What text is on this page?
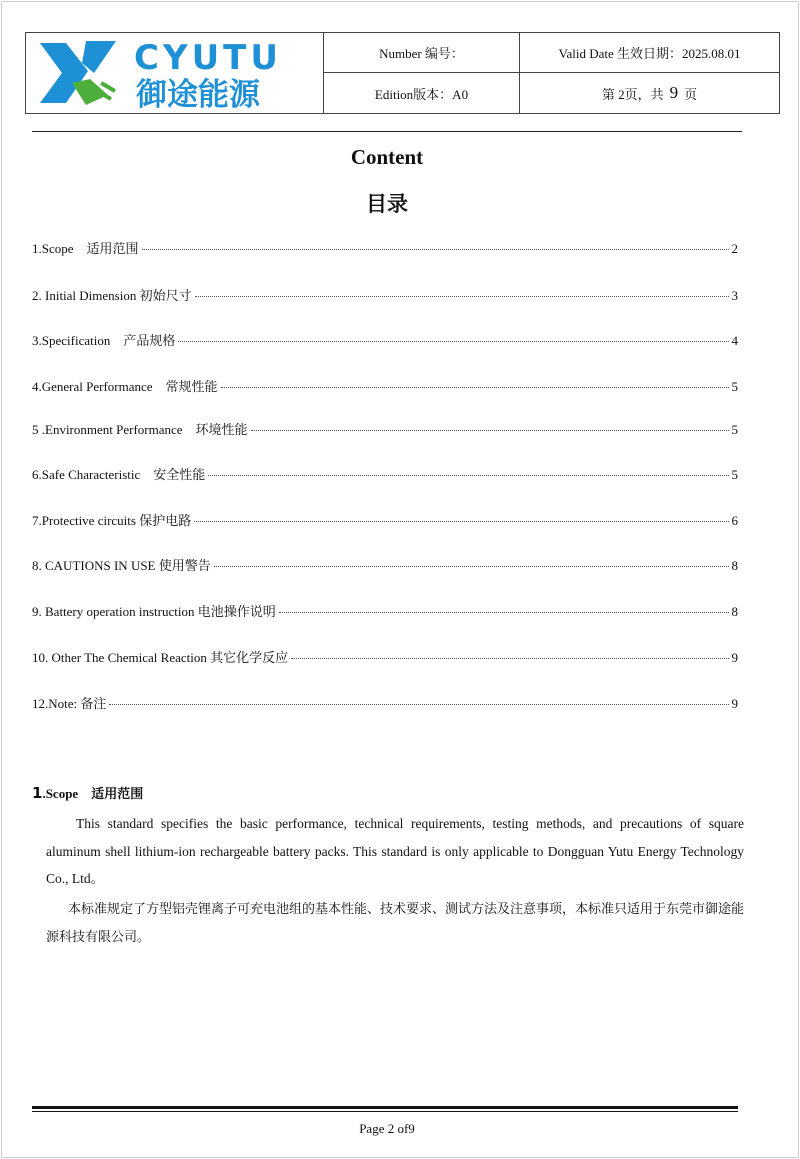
CYUTU
御途能源
Number 编号：	Valid Date 生效日期：2025.08.01
Edition版本：A0	第 2页，共 9 页
Content
目录
1.Scope　适用范围	2
2. Initial Dimension 初始尺寸	3
3.Specification　产品规格	4
4.General Performance　常规性能	5
5 .Environment Performance　环境性能	5
6.Safe Characteristic　安全性能	5
7.Protective circuits 保护电路	6
8. CAUTIONS IN USE 使用警告	8
9. Battery operation instruction 电池操作说明	8
10. Other The Chemical Reaction 其它化学反应	9
12.Note: 备注	9
1.Scope　适用范围
This standard specifies the basic performance, technical requirements, testing methods, and precautions of square aluminum shell lithium-ion rechargeable battery packs. This standard is only applicable to Dongguan Yutu Energy Technology Co., Ltd。
本标准规定了方型铝壳锂离子可充电池组的基本性能、技术要求、测试方法及注意事项，本标准只适用于东莞市御途能源科技有限公司。
Page 2 of9
